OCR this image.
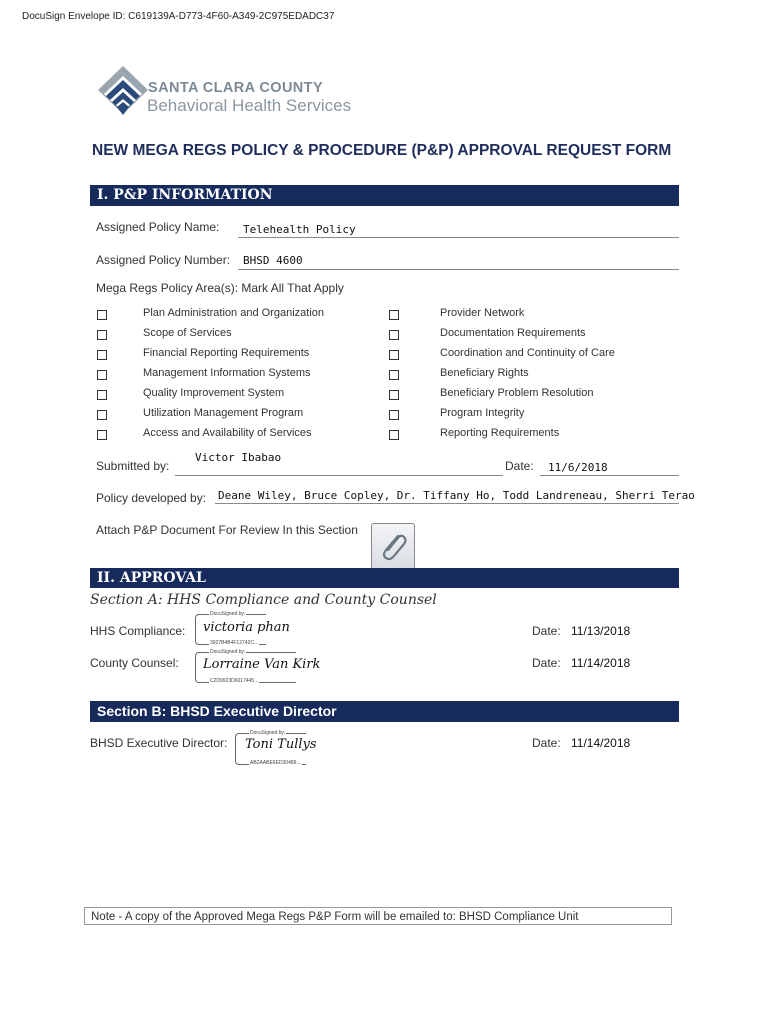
DocuSign Envelope ID: C619139A-D773-4F60-A349-2C975EDADC37
SANTA CLARA COUNTY
Behavioral Health Services
NEW MEGA REGS POLICY & PROCEDURE (P&P) APPROVAL REQUEST FORM
I. P&P INFORMATION
Assigned Policy Name: Telehealth Policy
Assigned Policy Number: BHSD 4600
Mega Regs Policy Area(s): Mark All That Apply
Plan Administration and Organization
Scope of Services
Financial Reporting Requirements
Management Information Systems
Quality Improvement System
Utilization Management Program
Access and Availability of Services
Provider Network
Documentation Requirements
Coordination and Continuity of Care
Beneficiary Rights
Beneficiary Problem Resolution
Program Integrity
Reporting Requirements
Submitted by:
Victor Ibabao
Date: 11/6/2018
Policy developed by: Deane Wiley, Bruce Copley, Dr. Tiffany Ho, Todd Landreneau, Sherri Terao
Attach P&P Document For Review In this Section
II. APPROVAL
Section A: HHS Compliance and County Counsel
HHS Compliance:
DocuSigned by:
victoria phan
3927B4B4F12742C...
Date: 11/13/2018
County Counsel:
DocuSigned by:
Lorraine Van Kirk
C2D9923D6017445...
Date: 11/14/2018
Section B: BHSD Executive Director
BHSD Executive Director:
DocuSigned by:
Toni Tullys
AB2AABE6ED30489...
Date: 11/14/2018
Note - A copy of the Approved Mega Regs P&P Form will be emailed to: BHSD Compliance Unit
